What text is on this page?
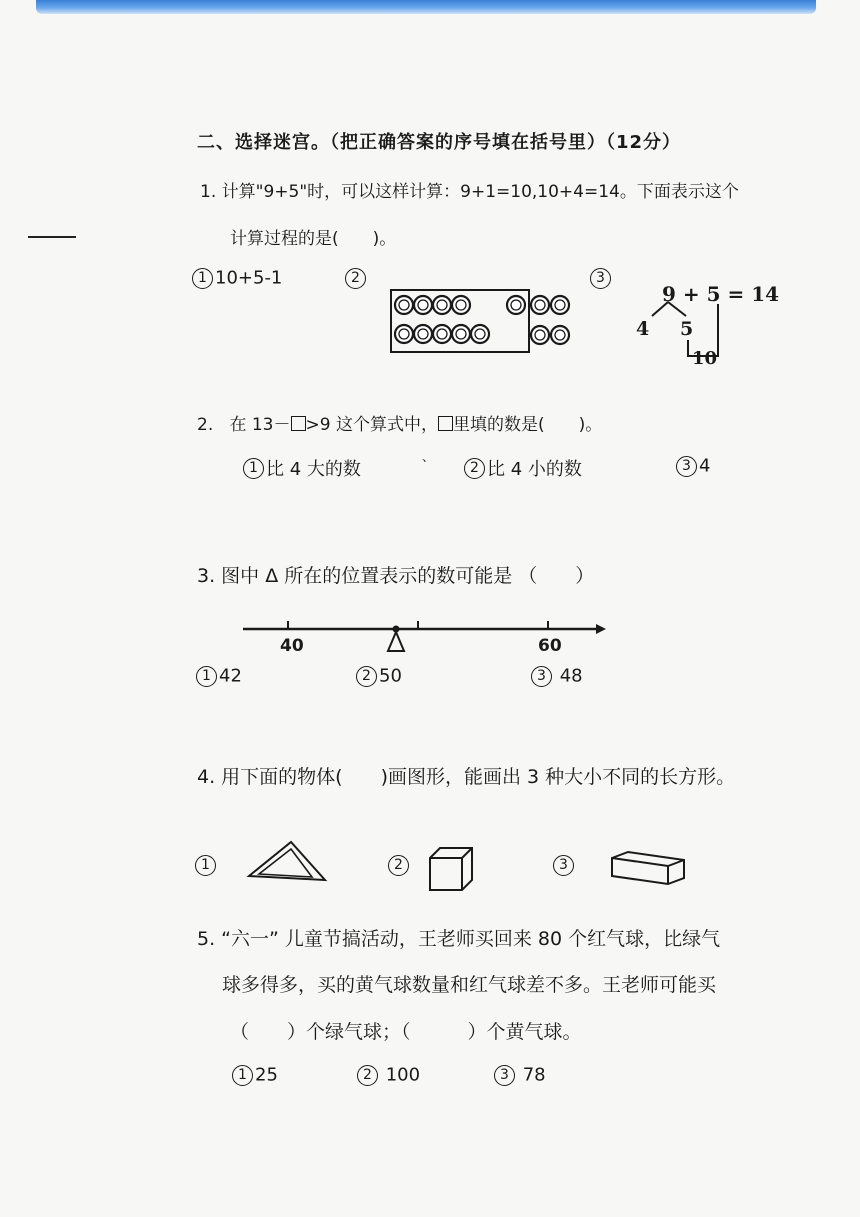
二、选择迷宫。（把正确答案的序号填在括号里）（12分）
1. 计算"9+5"时，可以这样计算：9+1=10,10+4=14。下面表示这个
计算过程的是(　　)。
1 10+5-1	2	3
9 + 5 = 14
4 5
10
2. 在 13－ >9 这个算式中， 里填的数是(　　)。
、
1 比 4 大的数	2 比 4 小的数	3 4
3. 图中 Δ 所在的位置表示的数可能是 （　　）
40	60
1 42	2 50	3 48
4. 用下面的物体(　　)画图形，能画出 3 种大小不同的长方形。
1	2	3
5. “六一” 儿童节搞活动，王老师买回来 80 个红气球，比绿气
球多得多，买的黄气球数量和红气球差不多。王老师可能买
（　　）个绿气球；（　　　）个黄气球。
1 25	2 100	3 78
